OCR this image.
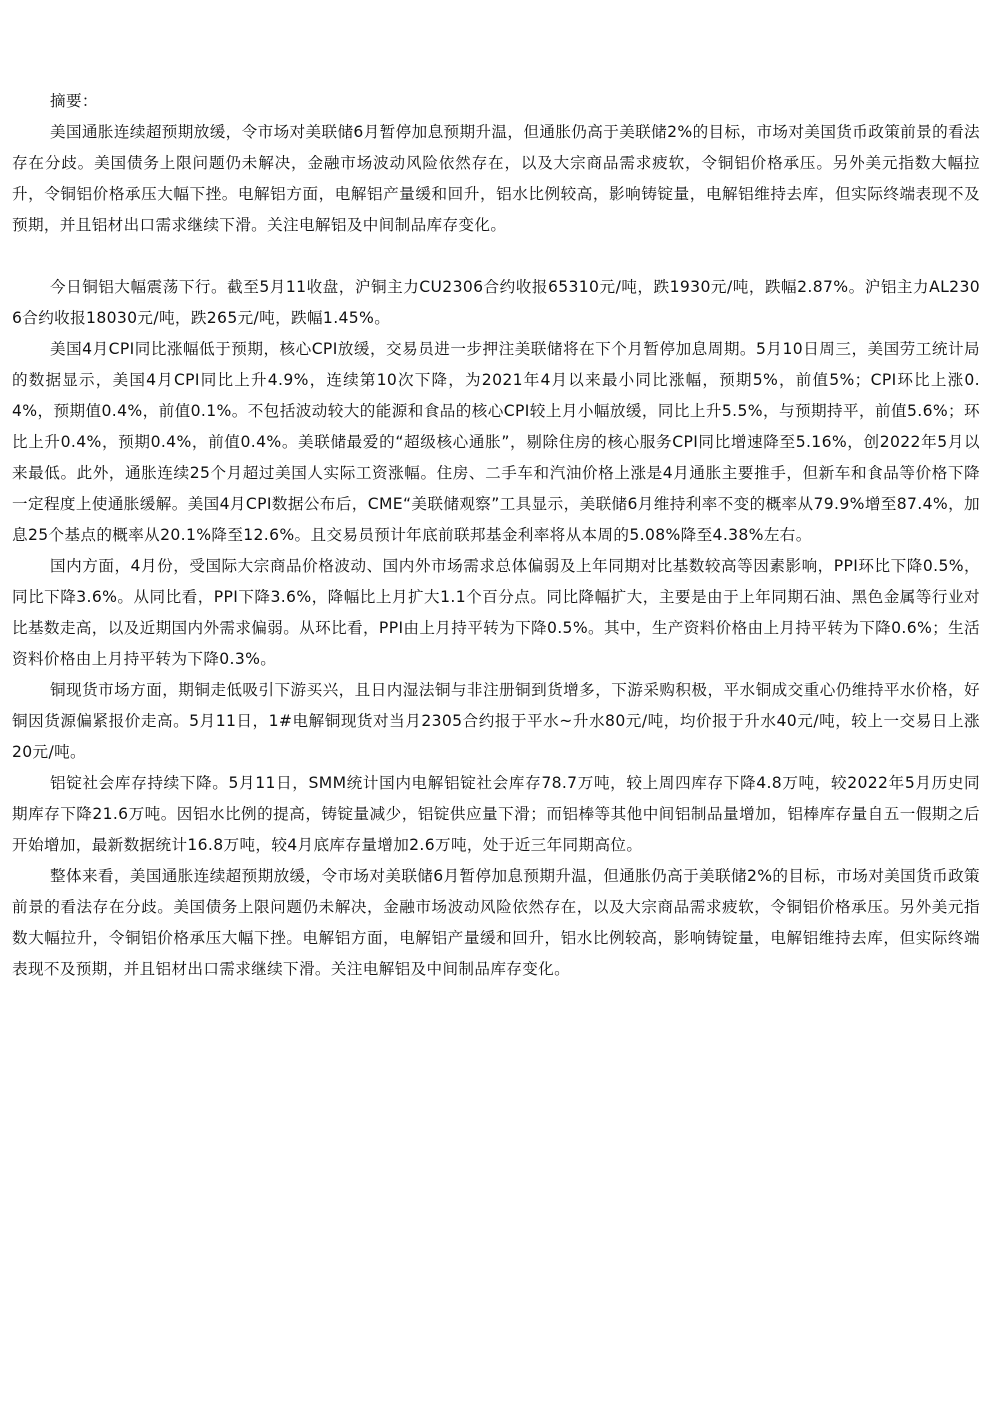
摘要：

美国通胀连续超预期放缓，令市场对美联储6月暂停加息预期升温，但通胀仍高于美联储2%的目标，市场对美国货币政策前景的看法存在分歧。美国债务上限问题仍未解决，金融市场波动风险依然存在，以及大宗商品需求疲软，令铜铝价格承压。另外美元指数大幅拉升，令铜铝价格承压大幅下挫。电解铝方面，电解铝产量缓和回升，铝水比例较高，影响铸锭量，电解铝维持去库，但实际终端表现不及预期，并且铝材出口需求继续下滑。关注电解铝及中间制品库存变化。

今日铜铝大幅震荡下行。截至5月11收盘，沪铜主力CU2306合约收报65310元/吨，跌1930元/吨，跌幅2.87%。沪铝主力AL2306合约收报18030元/吨，跌265元/吨，跌幅1.45%。

美国4月CPI同比涨幅低于预期，核心CPI放缓，交易员进一步押注美联储将在下个月暂停加息周期。5月10日周三，美国劳工统计局的数据显示，美国4月CPI同比上升4.9%，连续第10次下降，为2021年4月以来最小同比涨幅，预期5%，前值5%；CPI环比上涨0.4%，预期值0.4%，前值0.1%。不包括波动较大的能源和食品的核心CPI较上月小幅放缓，同比上升5.5%，与预期持平，前值5.6%；环比上升0.4%，预期0.4%，前值0.4%。美联储最爱的“超级核心通胀”，剔除住房的核心服务CPI同比增速降至5.16%，创2022年5月以来最低。此外，通胀连续25个月超过美国人实际工资涨幅。住房、二手车和汽油价格上涨是4月通胀主要推手，但新车和食品等价格下降一定程度上使通胀缓解。美国4月CPI数据公布后，CME“美联储观察”工具显示，美联储6月维持利率不变的概率从79.9%增至87.4%，加息25个基点的概率从20.1%降至12.6%。且交易员预计年底前联邦基金利率将从本周的5.08%降至4.38%左右。

国内方面，4月份，受国际大宗商品价格波动、国内外市场需求总体偏弱及上年同期对比基数较高等因素影响，PPI环比下降0.5%，同比下降3.6%。从同比看，PPI下降3.6%，降幅比上月扩大1.1个百分点。同比降幅扩大，主要是由于上年同期石油、黑色金属等行业对比基数走高，以及近期国内外需求偏弱。从环比看，PPI由上月持平转为下降0.5%。其中，生产资料价格由上月持平转为下降0.6%；生活资料价格由上月持平转为下降0.3%。

铜现货市场方面，期铜走低吸引下游买兴，且日内湿法铜与非注册铜到货增多，下游采购积极，平水铜成交重心仍维持平水价格，好铜因货源偏紧报价走高。5月11日，1#电解铜现货对当月2305合约报于平水~升水80元/吨，均价报于升水40元/吨，较上一交易日上涨20元/吨。

铝锭社会库存持续下降。5月11日，SMM统计国内电解铝锭社会库存78.7万吨，较上周四库存下降4.8万吨，较2022年5月历史同期库存下降21.6万吨。因铝水比例的提高，铸锭量减少，铝锭供应量下滑；而铝棒等其他中间铝制品量增加，铝棒库存量自五一假期之后开始增加，最新数据统计16.8万吨，较4月底库存量增加2.6万吨，处于近三年同期高位。

整体来看，美国通胀连续超预期放缓，令市场对美联储6月暂停加息预期升温，但通胀仍高于美联储2%的目标，市场对美国货币政策前景的看法存在分歧。美国债务上限问题仍未解决，金融市场波动风险依然存在，以及大宗商品需求疲软，令铜铝价格承压。另外美元指数大幅拉升，令铜铝价格承压大幅下挫。电解铝方面，电解铝产量缓和回升，铝水比例较高，影响铸锭量，电解铝维持去库，但实际终端表现不及预期，并且铝材出口需求继续下滑。关注电解铝及中间制品库存变化。
